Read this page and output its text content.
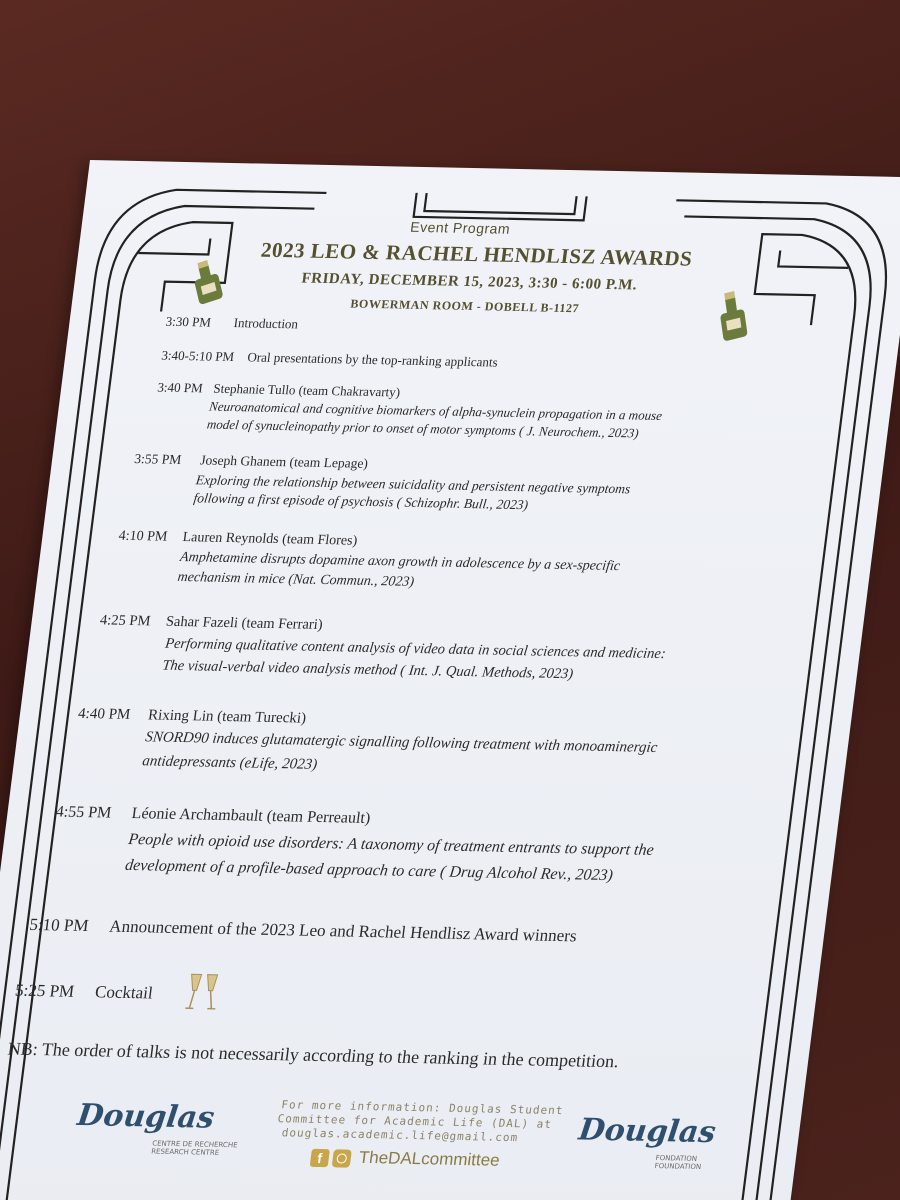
Event Program
2023 LEO & RACHEL HENDLISZ AWARDS
FRIDAY, DECEMBER 15, 2023, 3:30 - 6:00 P.M.
BOWERMAN ROOM - DOBELL B-1127
3:30 PM Introduction
3:40-5:10 PM Oral presentations by the top-ranking applicants
3:40 PM Stephanie Tullo (team Chakravarty)
Neuroanatomical and cognitive biomarkers of alpha-synuclein propagation in a mouse
model of synucleinopathy prior to onset of motor symptoms ( J. Neurochem., 2023)
3:55 PM Joseph Ghanem (team Lepage)
Exploring the relationship between suicidality and persistent negative symptoms
following a first episode of psychosis ( Schizophr. Bull., 2023)
4:10 PM Lauren Reynolds (team Flores)
Amphetamine disrupts dopamine axon growth in adolescence by a sex-specific
mechanism in mice (Nat. Commun., 2023)
4:25 PM Sahar Fazeli (team Ferrari)
Performing qualitative content analysis of video data in social sciences and medicine:
The visual-verbal video analysis method ( Int. J. Qual. Methods, 2023)
4:40 PM Rixing Lin (team Turecki)
SNORD90 induces glutamatergic signalling following treatment with monoaminergic
antidepressants (eLife, 2023)
4:55 PM Léonie Archambault (team Perreault)
People with opioid use disorders: A taxonomy of treatment entrants to support the
development of a profile-based approach to care ( Drug Alcohol Rev., 2023)
5:10 PM Announcement of the 2023 Leo and Rachel Hendlisz Award winners
5:25 PM Cocktail
NB: The order of talks is not necessarily according to the ranking in the competition.
Douglas
CENTRE DE RECHERCHE
RESEARCH CENTRE
For more information: Douglas Student
Committee for Academic Life (DAL) at
douglas.academic.life@gmail.com
f	TheDALcommittee
Douglas
FONDATION
FOUNDATION
